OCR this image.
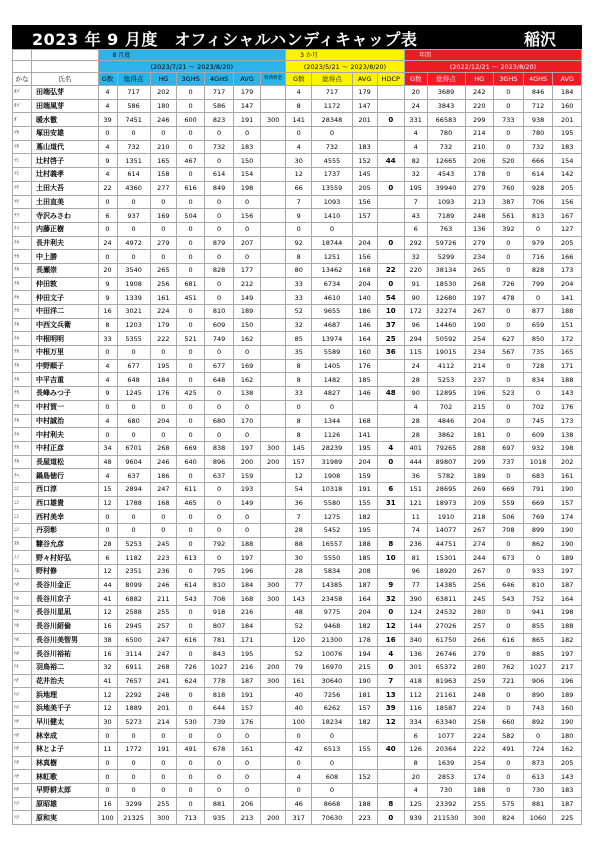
2023 年 9 月度　オフィシャルハンディキャップ表	稲沢
		8 月度							3 か月				年間					
		(2023/7/21 ～ 2023/8/20)							(2023/5/21 ～ 2023/8/20)				(2022/12/21 ～ 2023/8/20)					
かな	氏名	G数	総得点	HG	3GHS	4GHS	AVG	特典料金	G数	総得点	AVG	HDCP	G数	総得点	HG	3GHS	4GHS	AVG
ﾀﾊﾞ	田端弘芽	4	717	202	0	717	179		4	717	179		20	3689	242	0	846	184
ﾀﾊﾞ	田端風芽	4	586	180	0	586	147		8	1172	147		24	3843	220	0	712	160
ﾀﾞ	暖水徹	39	7451	246	600	823	191	300	141	28348	201	0	331	66583	299	733	938	201
ﾂｶ	塚田安雄	0	0	0	0	0	0		0	0			4	780	214	0	780	195
ﾂﾀ	蔦山道代	4	732	210	0	732	183		4	732	183		4	732	210	0	732	183
ﾂｼ	辻村啓子	9	1351	165	467	0	150		30	4555	152	44	82	12665	206	520	666	154
ﾂｼ	辻村義孝	4	614	158	0	614	154		12	1737	145		32	4543	178	0	614	142
ﾂﾁ	土田大吾	22	4360	277	616	849	198		66	13559	205	0	195	39940	279	760	928	205
ﾂﾁ	土田直美	0	0	0	0	0	0		7	1093	156		7	1093	213	387	706	156
ﾃﾗ	寺沢みさわ	6	937	169	504	0	156		9	1410	157		43	7189	248	561	813	167
ﾅｲ	内藤正樹	0	0	0	0	0	0		0	0			6	763	136	392	0	127
ﾅｶ	長井利夫	24	4972	279	0	879	207		92	18744	204	0	292	59726	279	0	979	205
ﾅｶ	中上勝	0	0	0	0	0	0		8	1251	156		32	5299	234	0	716	166
ﾅｶ	長瀬崇	20	3540	265	0	828	177		80	13462	168	22	220	38134	265	0	828	173
ﾅｶ	仲田敦	9	1908	256	681	0	212		33	6734	204	0	91	18530	268	726	799	204
ﾅｶ	仲田文子	9	1339	161	451	0	149		33	4610	140	54	90	12680	197	478	0	141
ﾅｶ	中田洋二	16	3021	224	0	810	189		52	9655	186	10	172	32274	267	0	877	188
ﾅｶ	中西文兵衛	8	1203	179	0	609	150		32	4687	146	37	96	14460	190	0	659	151
ﾅｶ	中根明明	33	5355	222	521	749	162		85	13974	164	25	294	50592	254	627	850	172
ﾅｶ	中根万里	0	0	0	0	0	0		35	5589	160	36	115	19015	234	567	735	165
ﾅｶ	中野順子	4	677	195	0	677	169		8	1405	176		24	4112	214	0	728	171
ﾅｶ	中平吉重	4	648	184	0	648	162		8	1482	185		28	5253	237	0	834	188
ﾅｶ	長峰みつ子	9	1245	176	425	0	138		33	4827	146	48	90	12895	196	523	0	143
ﾅｶ	中村賀一	0	0	0	0	0	0		0	0			4	702	215	0	702	176
ﾅｶ	中村誠治	4	680	204	0	680	170		8	1344	168		28	4846	204	0	745	173
ﾅｶ	中村利夫	0	0	0	0	0	0		8	1126	141		28	3862	181	0	609	138
ﾅｶ	中村正彦	34	6701	268	669	838	197	300	145	28239	195	4	401	79265	288	697	932	198
ﾅｶ	長屋道松	48	9604	246	640	896	200	200	157	31989	204	0	444	89807	299	737	1018	202
ﾅﾍ	鍋島徳行	4	637	186	0	637	159		12	1908	159		36	5782	189	0	683	161
ﾆｼ	西口淳	15	2894	247	611	0	193		54	10318	191	6	151	28695	269	669	791	190
ﾆｼ	西口雄貴	12	1788	168	465	0	149		36	5580	155	31	121	18973	209	559	669	157
ﾆｼ	西村美幸	0	0	0	0	0	0		7	1275	182		11	1910	218	506	769	174
ﾆｼ	丹羽彰	0	0	0	0	0	0		28	5452	195		74	14077	267	708	899	190
ﾇｶ	糠谷允彦	28	5253	245	0	792	188		88	16557	188	8	236	44751	274	0	862	190
ﾉﾉ	野々村好弘	6	1182	223	613	0	197		30	5550	185	10	81	15301	244	673	0	189
ﾉﾑ	野村修	12	2351	236	0	795	196		28	5834	208		96	18920	267	0	933	197
ﾊｾ	長谷川金正	44	8099	246	614	810	184	300	77	14385	187	9	77	14385	256	646	810	187
ﾊｾ	長谷川京子	41	6882	211	543	708	168	300	143	23458	164	32	390	63811	245	543	752	164
ﾊｾ	長谷川星凪	12	2588	255	0	918	216		48	9775	204	0	124	24532	280	0	941	198
ﾊｾ	長谷川紹倫	16	2945	257	0	807	184		52	9468	182	12	144	27026	257	0	855	188
ﾊｾ	長谷川美智男	38	6500	247	616	781	171		120	21300	178	16	340	61750	266	616	865	182
ﾊｾ	長谷川裕祐	16	3114	247	0	843	195		52	10076	194	4	136	26746	279	0	885	197
ﾊﾄ	羽鳥裕二	32	6911	268	726	1027	216	200	79	16970	215	0	301	65372	280	762	1027	217
ﾊﾅ	花井治夫	41	7657	241	624	778	187	300	161	30640	190	7	418	81963	259	721	906	196
ﾊﾏ	浜地理	12	2292	248	0	818	191		40	7256	181	13	112	21161	248	0	890	189
ﾊﾏ	浜地美千子	12	1889	201	0	644	157		40	6262	157	39	116	18587	224	0	743	160
ﾊﾔ	早川健太	30	5273	214	530	739	176		100	18234	182	12	334	63340	258	660	892	190
ﾊﾔ	林幸成	0	0	0	0	0	0		0	0			6	1077	224	582	0	180
ﾊﾔ	林とよ子	11	1772	191	491	678	161		42	6513	155	40	126	20364	222	491	724	162
ﾊﾔ	林真樹	0	0	0	0	0	0		0	0			8	1639	254	0	873	205
ﾊﾔ	林虹歌	0	0	0	0	0	0		4	608	152		20	2853	174	0	613	143
ﾊﾔ	早野耕太郎	0	0	0	0	0	0		0	0			4	730	188	0	730	183
ﾊﾗ	原昭雄	16	3299	255	0	881	206		46	8668	188	8	125	23392	255	575	881	187
ﾊﾗ	原和実	100	21325	300	713	935	213	200	317	70630	223	0	939	211530	300	824	1060	225
